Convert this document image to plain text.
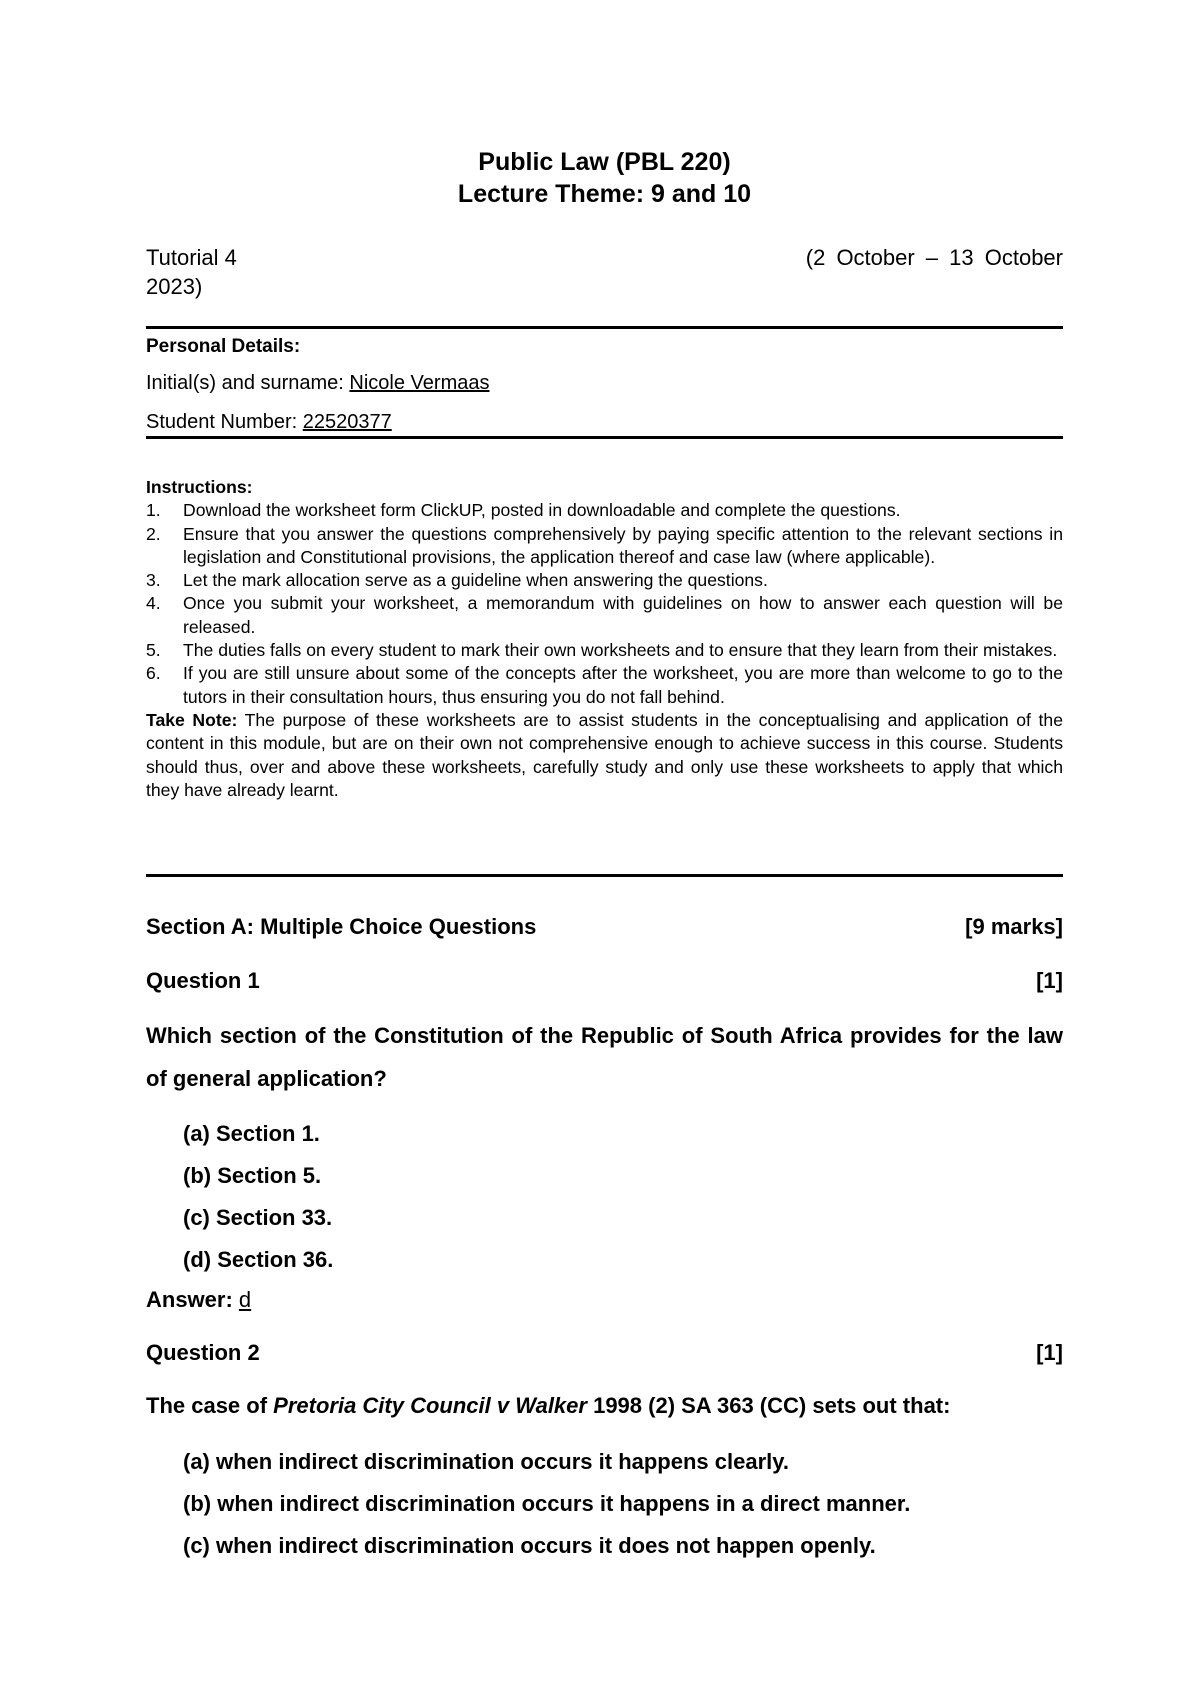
Public Law (PBL 220)
Lecture Theme: 9 and 10
Tutorial 4	(2 October – 13 October
2023)
Personal Details:
Initial(s) and surname: Nicole Vermaas
Student Number: 22520377
Instructions:
1. Download the worksheet form ClickUP, posted in downloadable and complete the questions.
2. Ensure that you answer the questions comprehensively by paying specific attention to the relevant sections in legislation and Constitutional provisions, the application thereof and case law (where applicable).
3. Let the mark allocation serve as a guideline when answering the questions.
4. Once you submit your worksheet, a memorandum with guidelines on how to answer each question will be released.
5. The duties falls on every student to mark their own worksheets and to ensure that they learn from their mistakes.
6. If you are still unsure about some of the concepts after the worksheet, you are more than welcome to go to the tutors in their consultation hours, thus ensuring you do not fall behind.
Take Note: The purpose of these worksheets are to assist students in the conceptualising and application of the content in this module, but are on their own not comprehensive enough to achieve success in this course. Students should thus, over and above these worksheets, carefully study and only use these worksheets to apply that which they have already learnt.
Section A: Multiple Choice Questions	[9 marks]
Question 1	[1]
Which section of the Constitution of the Republic of South Africa provides for the law of general application?
(a) Section 1.
(b) Section 5.
(c) Section 33.
(d) Section 36.
Answer: d
Question 2	[1]
The case of Pretoria City Council v Walker 1998 (2) SA 363 (CC) sets out that:
(a) when indirect discrimination occurs it happens clearly.
(b) when indirect discrimination occurs it happens in a direct manner.
(c) when indirect discrimination occurs it does not happen openly.
